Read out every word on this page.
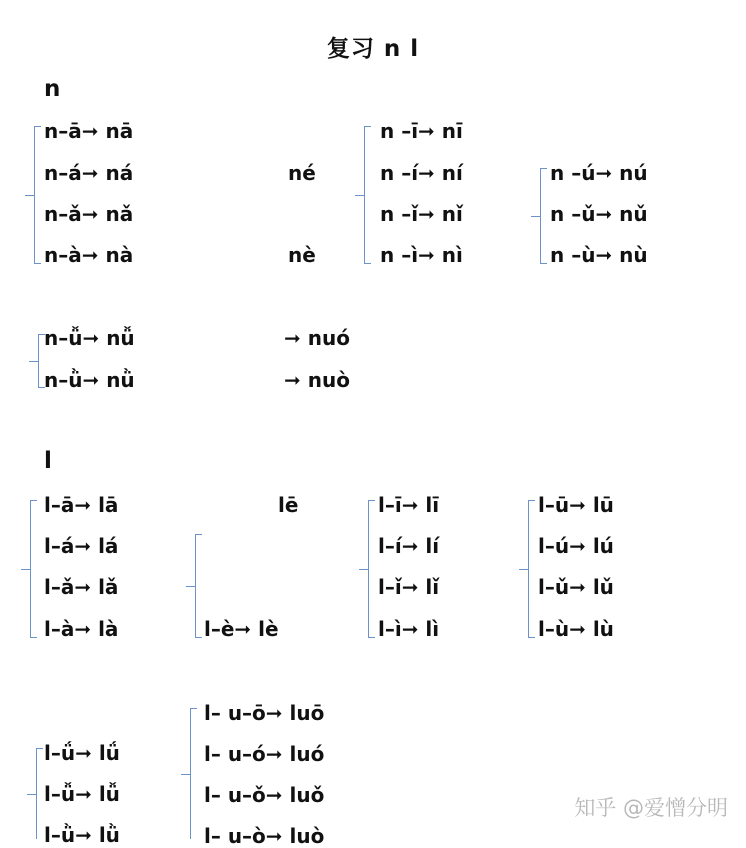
复习 n l
n
n–ā➞ nā
n–á➞ ná
n–ǎ➞ nǎ
n–à➞ nà
né
nè
n –ī➞ nī
n –í➞ ní
n –ǐ➞ nǐ
n –ì➞ nì
n –ú➞ nú
n –ǔ➞ nǔ
n –ù➞ nù
n–ǚ➞ nǚ
n–ǜ➞ nǜ
➞ nuó
➞ nuò
l
l–ā➞ lā
l–á➞ lá
l–ǎ➞ lǎ
l–à➞ là
lē
l–è➞ lè
l–ī➞ lī
l–í➞ lí
l–ǐ➞ lǐ
l–ì➞ lì
l–ū➞ lū
l–ú➞ lú
l–ǔ➞ lǔ
l–ù➞ lù
l–ǘ➞ lǘ
l–ǚ➞ lǚ
l–ǜ➞ lǜ
l– u–ō➞ luō
l– u–ó➞ luó
l– u–ǒ➞ luǒ
l– u–ò➞ luò
知乎 @爱憎分明
